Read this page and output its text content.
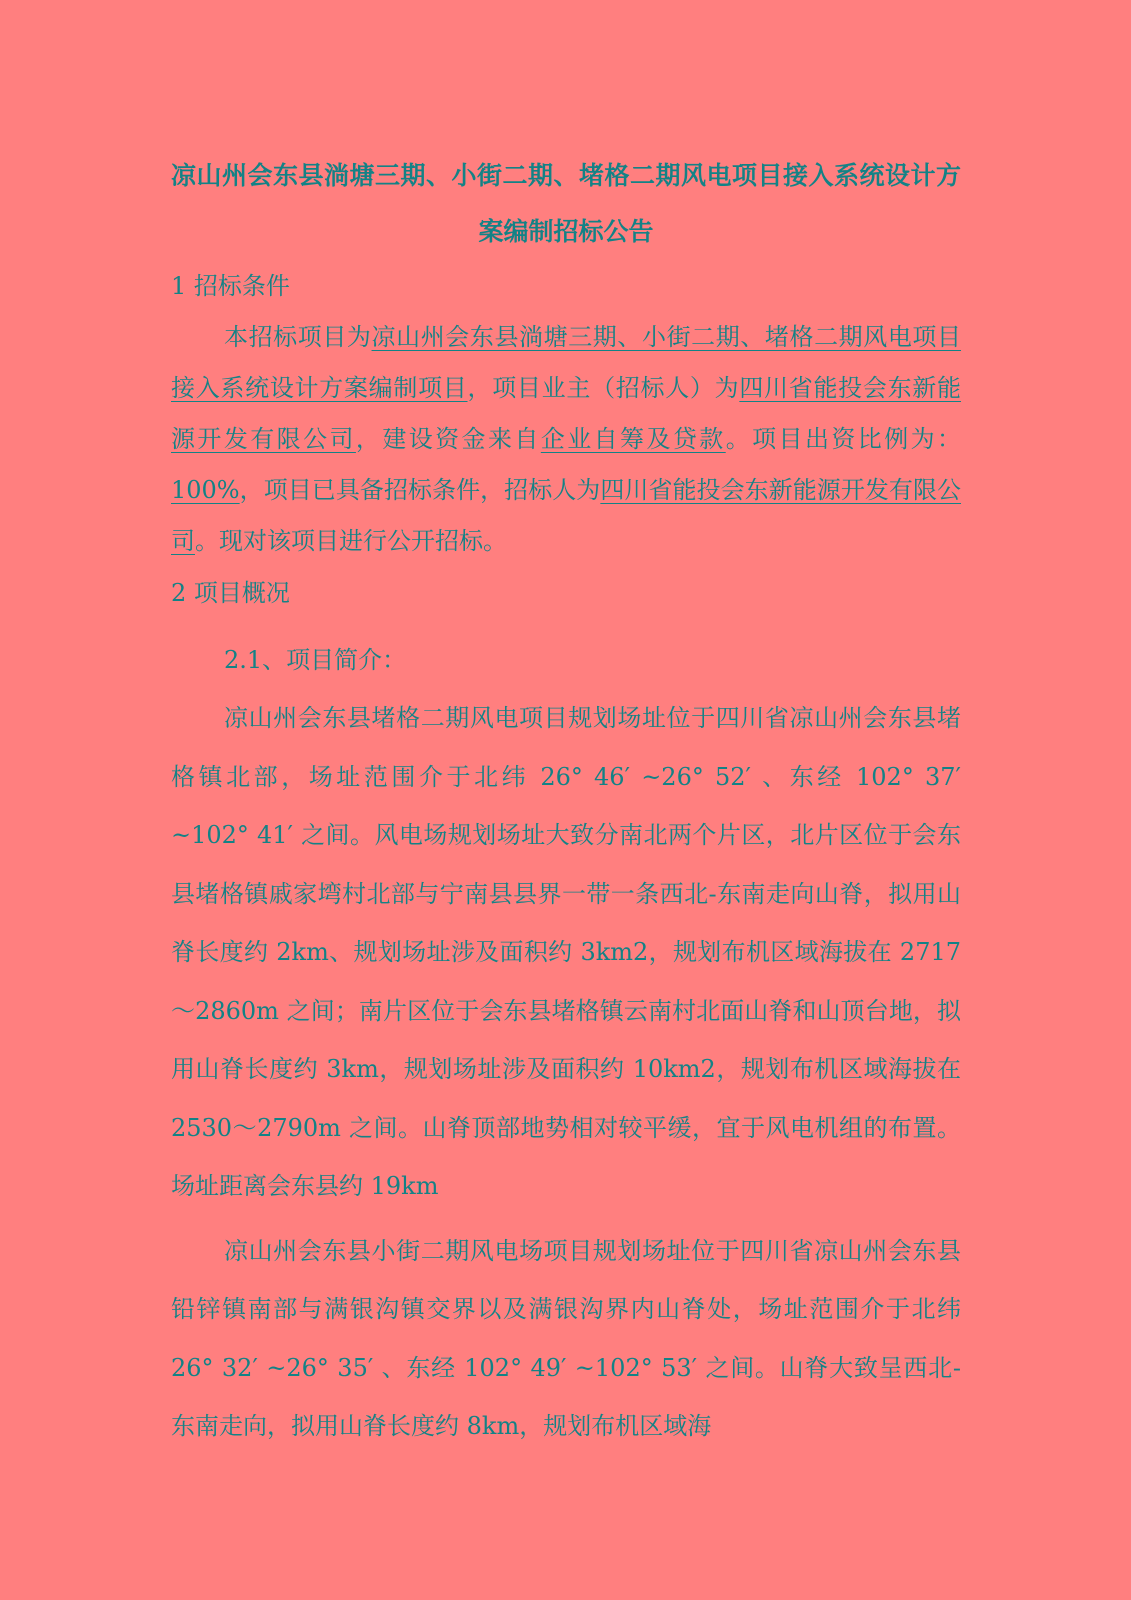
凉山州会东县淌塘三期、小街二期、堵格二期风电项目接入系统设计方案编制招标公告
1 招标条件

本招标项目为凉山州会东县淌塘三期、小街二期、堵格二期风电项目接入系统设计方案编制项目，项目业主（招标人）为四川省能投会东新能源开发有限公司，建设资金来自企业自筹及贷款。项目出资比例为：100%，项目已具备招标条件，招标人为四川省能投会东新能源开发有限公司。现对该项目进行公开招标。

2 项目概况
2.1、项目简介：

凉山州会东县堵格二期风电项目规划场址位于四川省凉山州会东县堵格镇北部，场址范围介于北纬 26° 46′ ~26° 52′ 、东经 102° 37′ ~102° 41′ 之间。风电场规划场址大致分南北两个片区，北片区位于会东县堵格镇戚家塆村北部与宁南县县界一带一条西北-东南走向山脊，拟用山脊长度约 2km、规划场址涉及面积约 3km2，规划布机区域海拔在 2717～2860m 之间；南片区位于会东县堵格镇云南村北面山脊和山顶台地，拟用山脊长度约 3km，规划场址涉及面积约 10km2，规划布机区域海拔在 2530～2790m 之间。山脊顶部地势相对较平缓，宜于风电机组的布置。场址距离会东县约 19km

凉山州会东县小街二期风电场项目规划场址位于四川省凉山州会东县铅锌镇南部与满银沟镇交界以及满银沟界内山脊处，场址范围介于北纬 26° 32′ ~26° 35′ 、东经 102° 49′ ~102° 53′ 之间。山脊大致呈西北-东南走向，拟用山脊长度约 8km，规划布机区域海
